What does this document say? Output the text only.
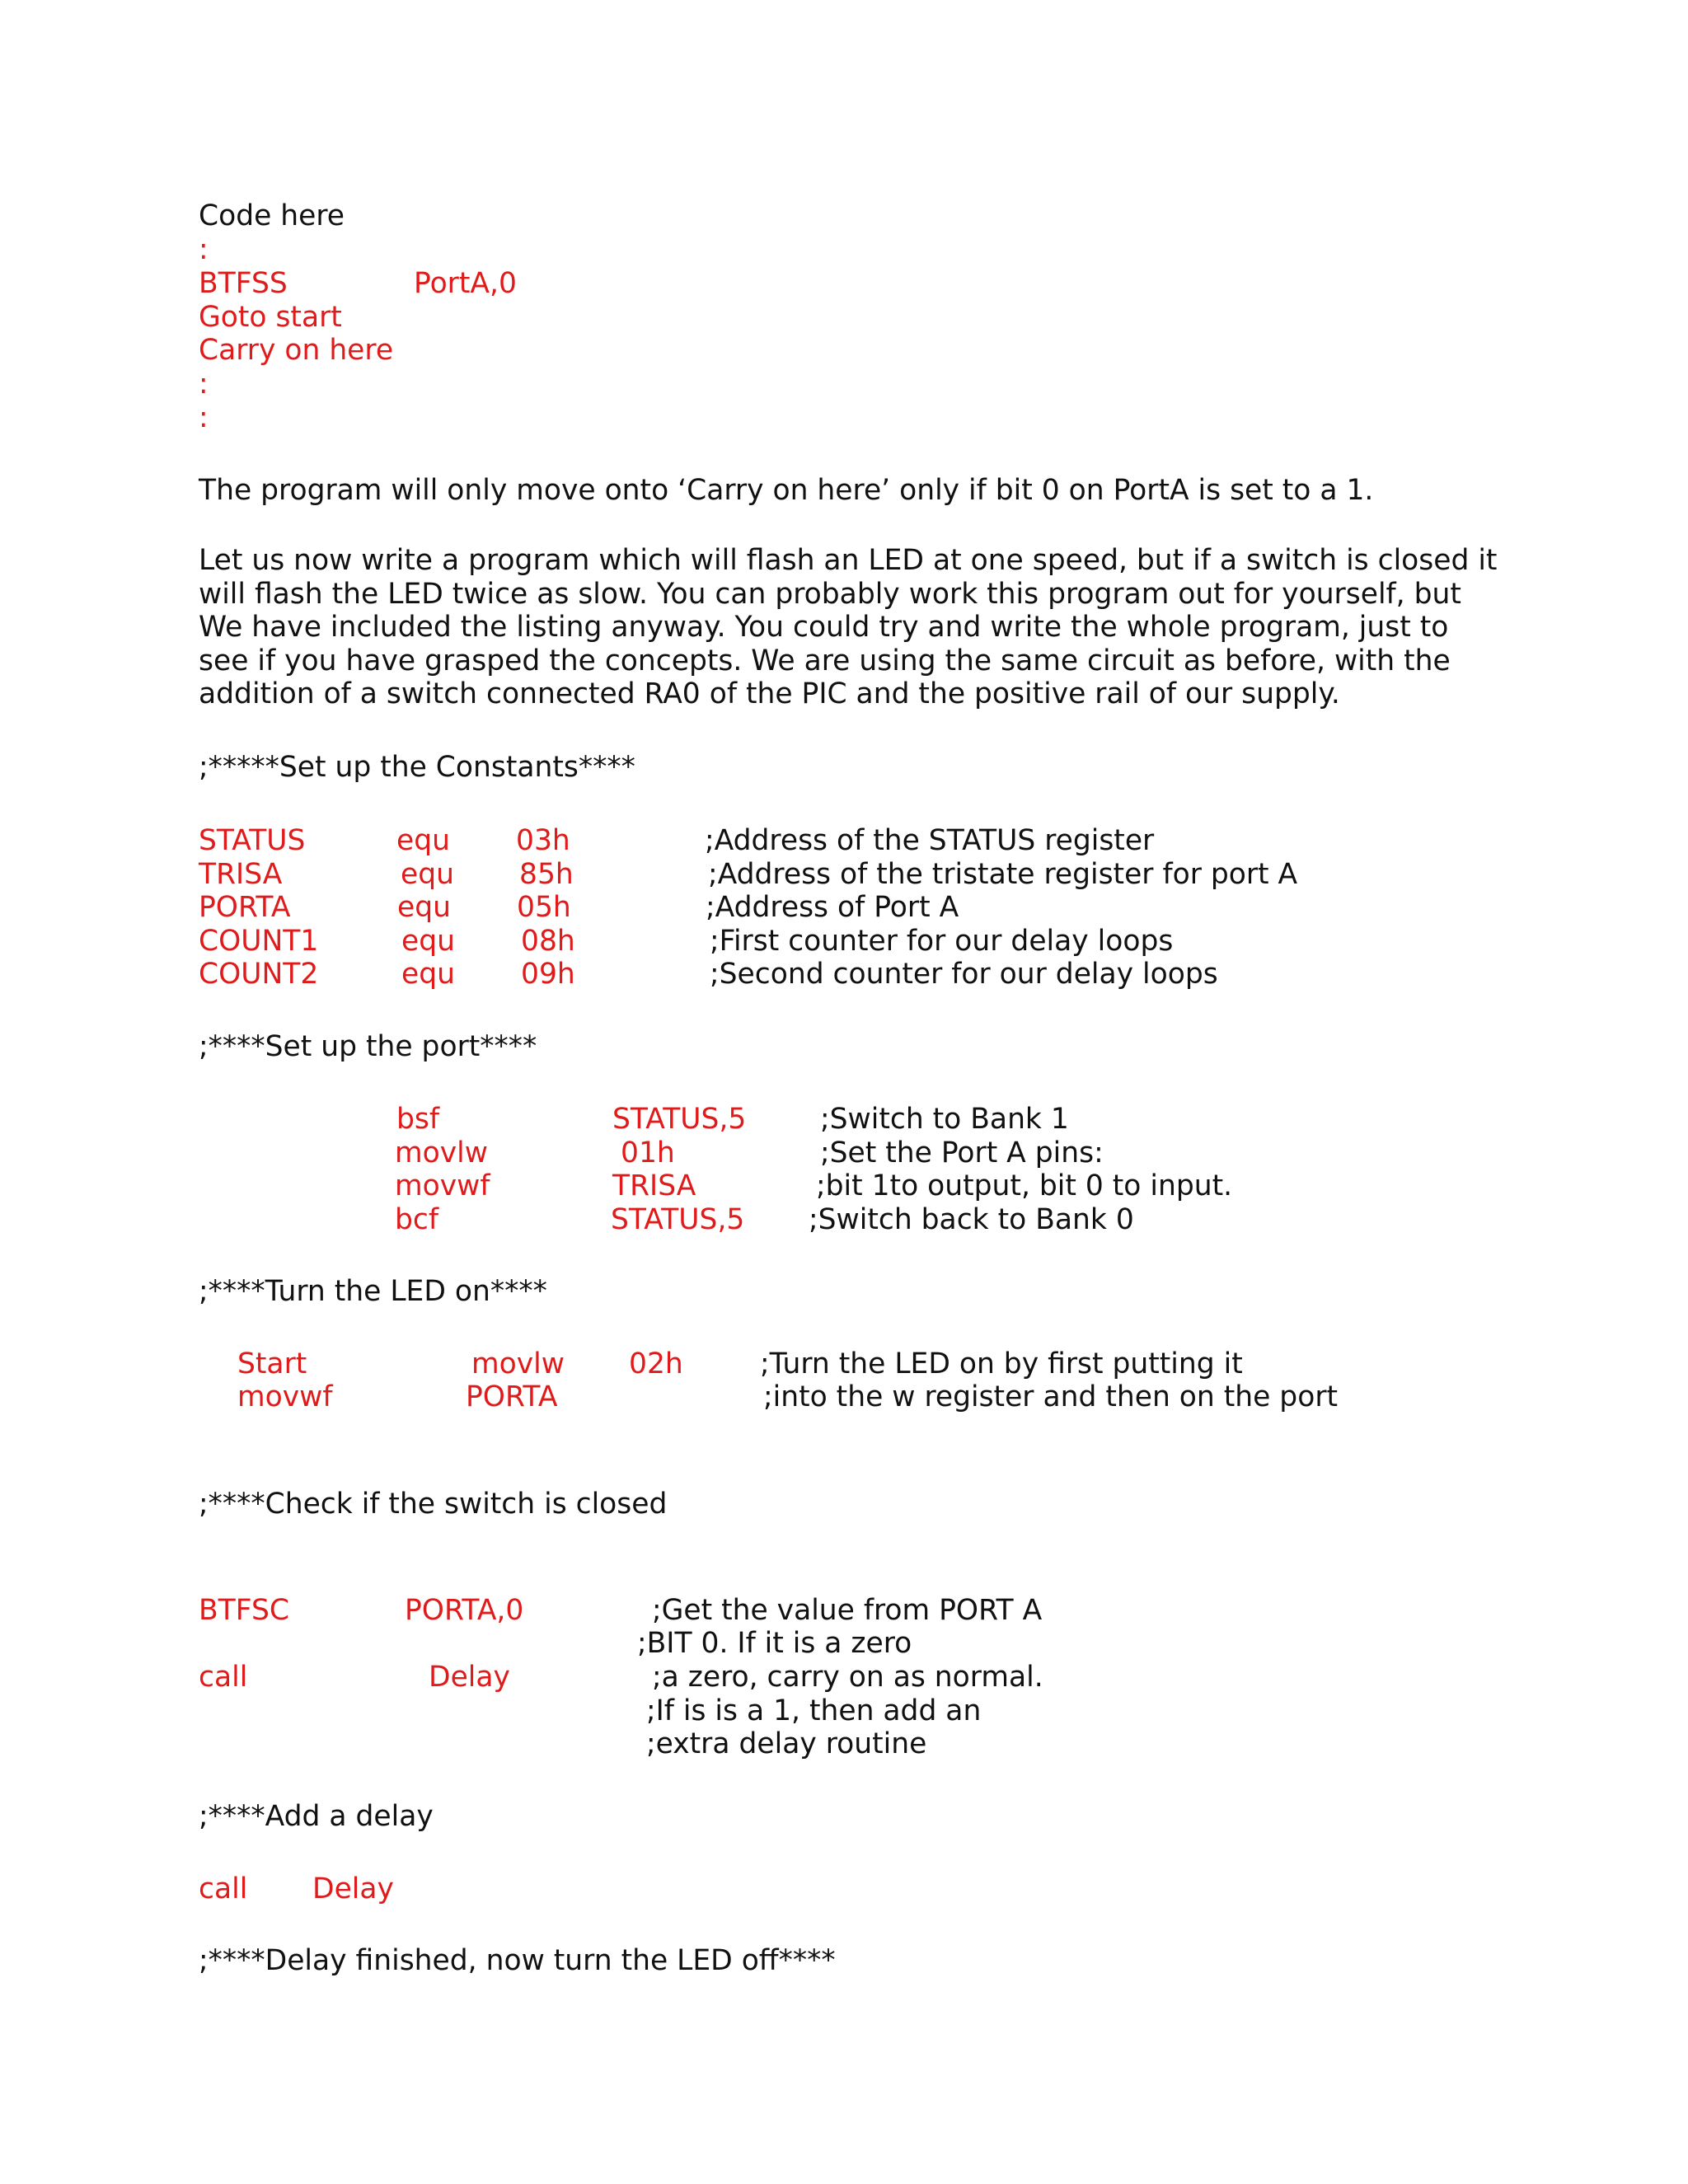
Code here
:
BTFSS	PortA,0
Goto start
Carry on here
:
:
The program will only move onto ‘Carry on here’ only if bit 0 on PortA is set to a 1.
Let us now write a program which will flash an LED at one speed, but if a switch is closed it
will flash the LED twice as slow. You can probably work this program out for yourself, but
We have included the listing anyway. You could try and write the whole program, just to
see if you have grasped the concepts. We are using the same circuit as before, with the
addition of a switch connected RA0 of the PIC and the positive rail of our supply.
;*****Set up the Constants****
STATUS	equ 03h	;Address of the STATUS register
TRISA	equ 85h	;Address of the tristate register for port A
PORTA	equ 05h	;Address of Port A
COUNT1	equ 08h	;First counter for our delay loops
COUNT2	equ 09h	;Second counter for our delay loops
;****Set up the port****
bsf	STATUS,5	;Switch to Bank 1
movlw	01h	;Set the Port A pins:
movwf	TRISA	;bit 1to output, bit 0 to input.
bcf	STATUS,5 ;Switch back to Bank 0
;****Turn the LED on****
Start	movlw 02h	;Turn the LED on by first putting it
movwf	PORTA	;into the w register and then on the port
;****Check if the switch is closed
BTFSC	PORTA,0	;Get the value from PORT A
;BIT 0. If it is a zero
call	Delay	;a zero, carry on as normal.
;If is is a 1, then add an
;extra delay routine
;****Add a delay
call Delay
;****Delay finished, now turn the LED off****
